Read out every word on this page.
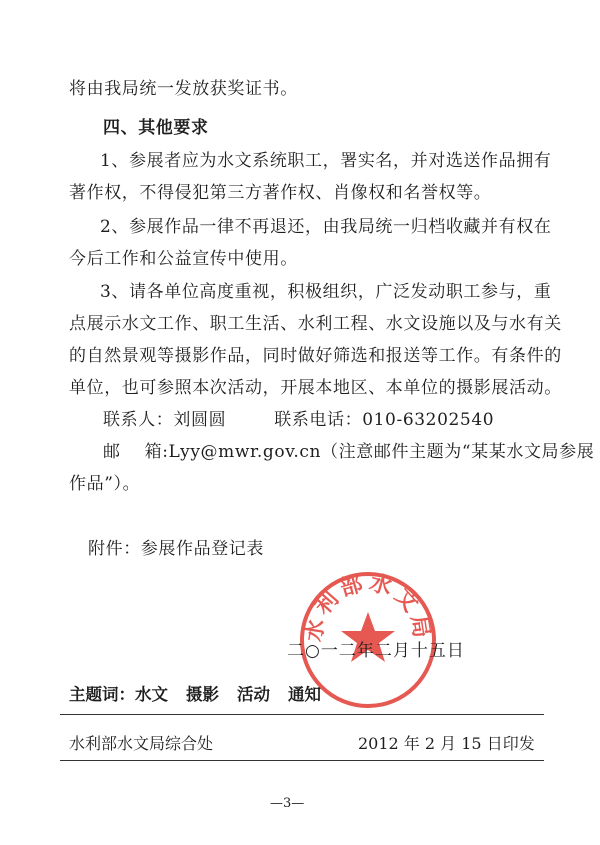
将由我局统一发放获奖证书。
四、其他要求
1、参展者应为水文系统职工，署实名，并对选送作品拥有
著作权，不得侵犯第三方著作权、肖像权和名誉权等。
2、参展作品一律不再退还，由我局统一归档收藏并有权在
今后工作和公益宣传中使用。
3、请各单位高度重视，积极组织，广泛发动职工参与，重
点展示水文工作、职工生活、水利工程、水文设施以及与水有关
的自然景观等摄影作品，同时做好筛选和报送等工作。有条件的
单位，也可参照本次活动，开展本地区、本单位的摄影展活动。
联系人：刘圆圆        联系电话：010-63202540
邮    箱:Lyy@mwr.gov.cn（注意邮件主题为“某某水文局参展
作品”）。
附件：参展作品登记表
水利部水文局
二○一二年二月十五日
主题词：水文 摄影 活动 通知
水利部水文局综合处	2012 年 2 月 15 日印发
—3—
